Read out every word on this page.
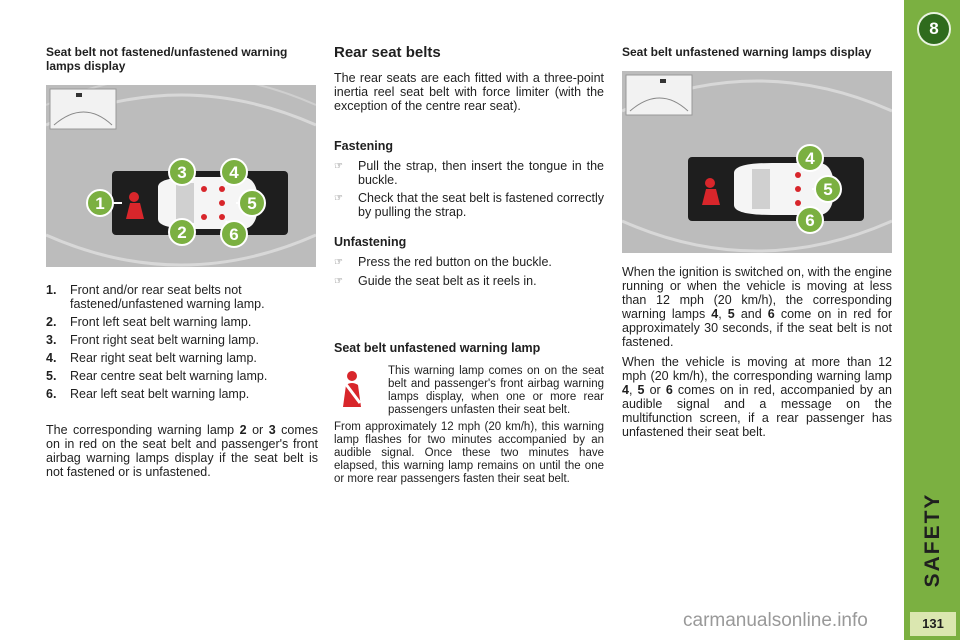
Seat belt not fastened/unfastened warning lamps display
1
2
3	4
5
6
1.	Front and/or rear seat belts not fastened/unfastened warning lamp.
2.	Front left seat belt warning lamp.
3.	Front right seat belt warning lamp.
4.	Rear right seat belt warning lamp.
5.	Rear centre seat belt warning lamp.
6.	Rear left seat belt warning lamp.

The corresponding warning lamp 2 or 3 comes on in red on the seat belt and passenger's front airbag warning lamps display if the seat belt is not fastened or is unfastened.

Rear seat belts

The rear seats are each fitted with a three-point inertia reel seat belt with force limiter (with the exception of the centre rear seat).

Fastening
☞	Pull the strap, then insert the tongue in the buckle.
☞	Check that the seat belt is fastened correctly by pulling the strap.
Unfastening
☞	Press the red button on the buckle.
☞	Guide the seat belt as it reels in.
Seat belt unfastened warning lamp

This warning lamp comes on on the seat belt and passenger's front airbag warning lamps display, when one or more rear passengers unfasten their seat belt.

From approximately 12 mph (20 km/h), this warning lamp flashes for two minutes accompanied by an audible signal. Once these two minutes have elapsed, this warning lamp remains on until the one or more rear passengers fasten their seat belt.

Seat belt unfastened warning lamps display
4
5
6

When the ignition is switched on, with the engine running or when the vehicle is moving at less than 12 mph (20 km/h), the corresponding warning lamps 4, 5 and 6 come on in red for approximately 30 seconds, if the seat belt is not fastened.

When the vehicle is moving at more than 12 mph (20 km/h), the corresponding warning lamp 4, 5 or 6 comes on in red, accompanied by an audible signal and a message on the multifunction screen, if a rear passenger has unfastened their seat belt.

8
SAFETY
131
carmanualsonline.info
